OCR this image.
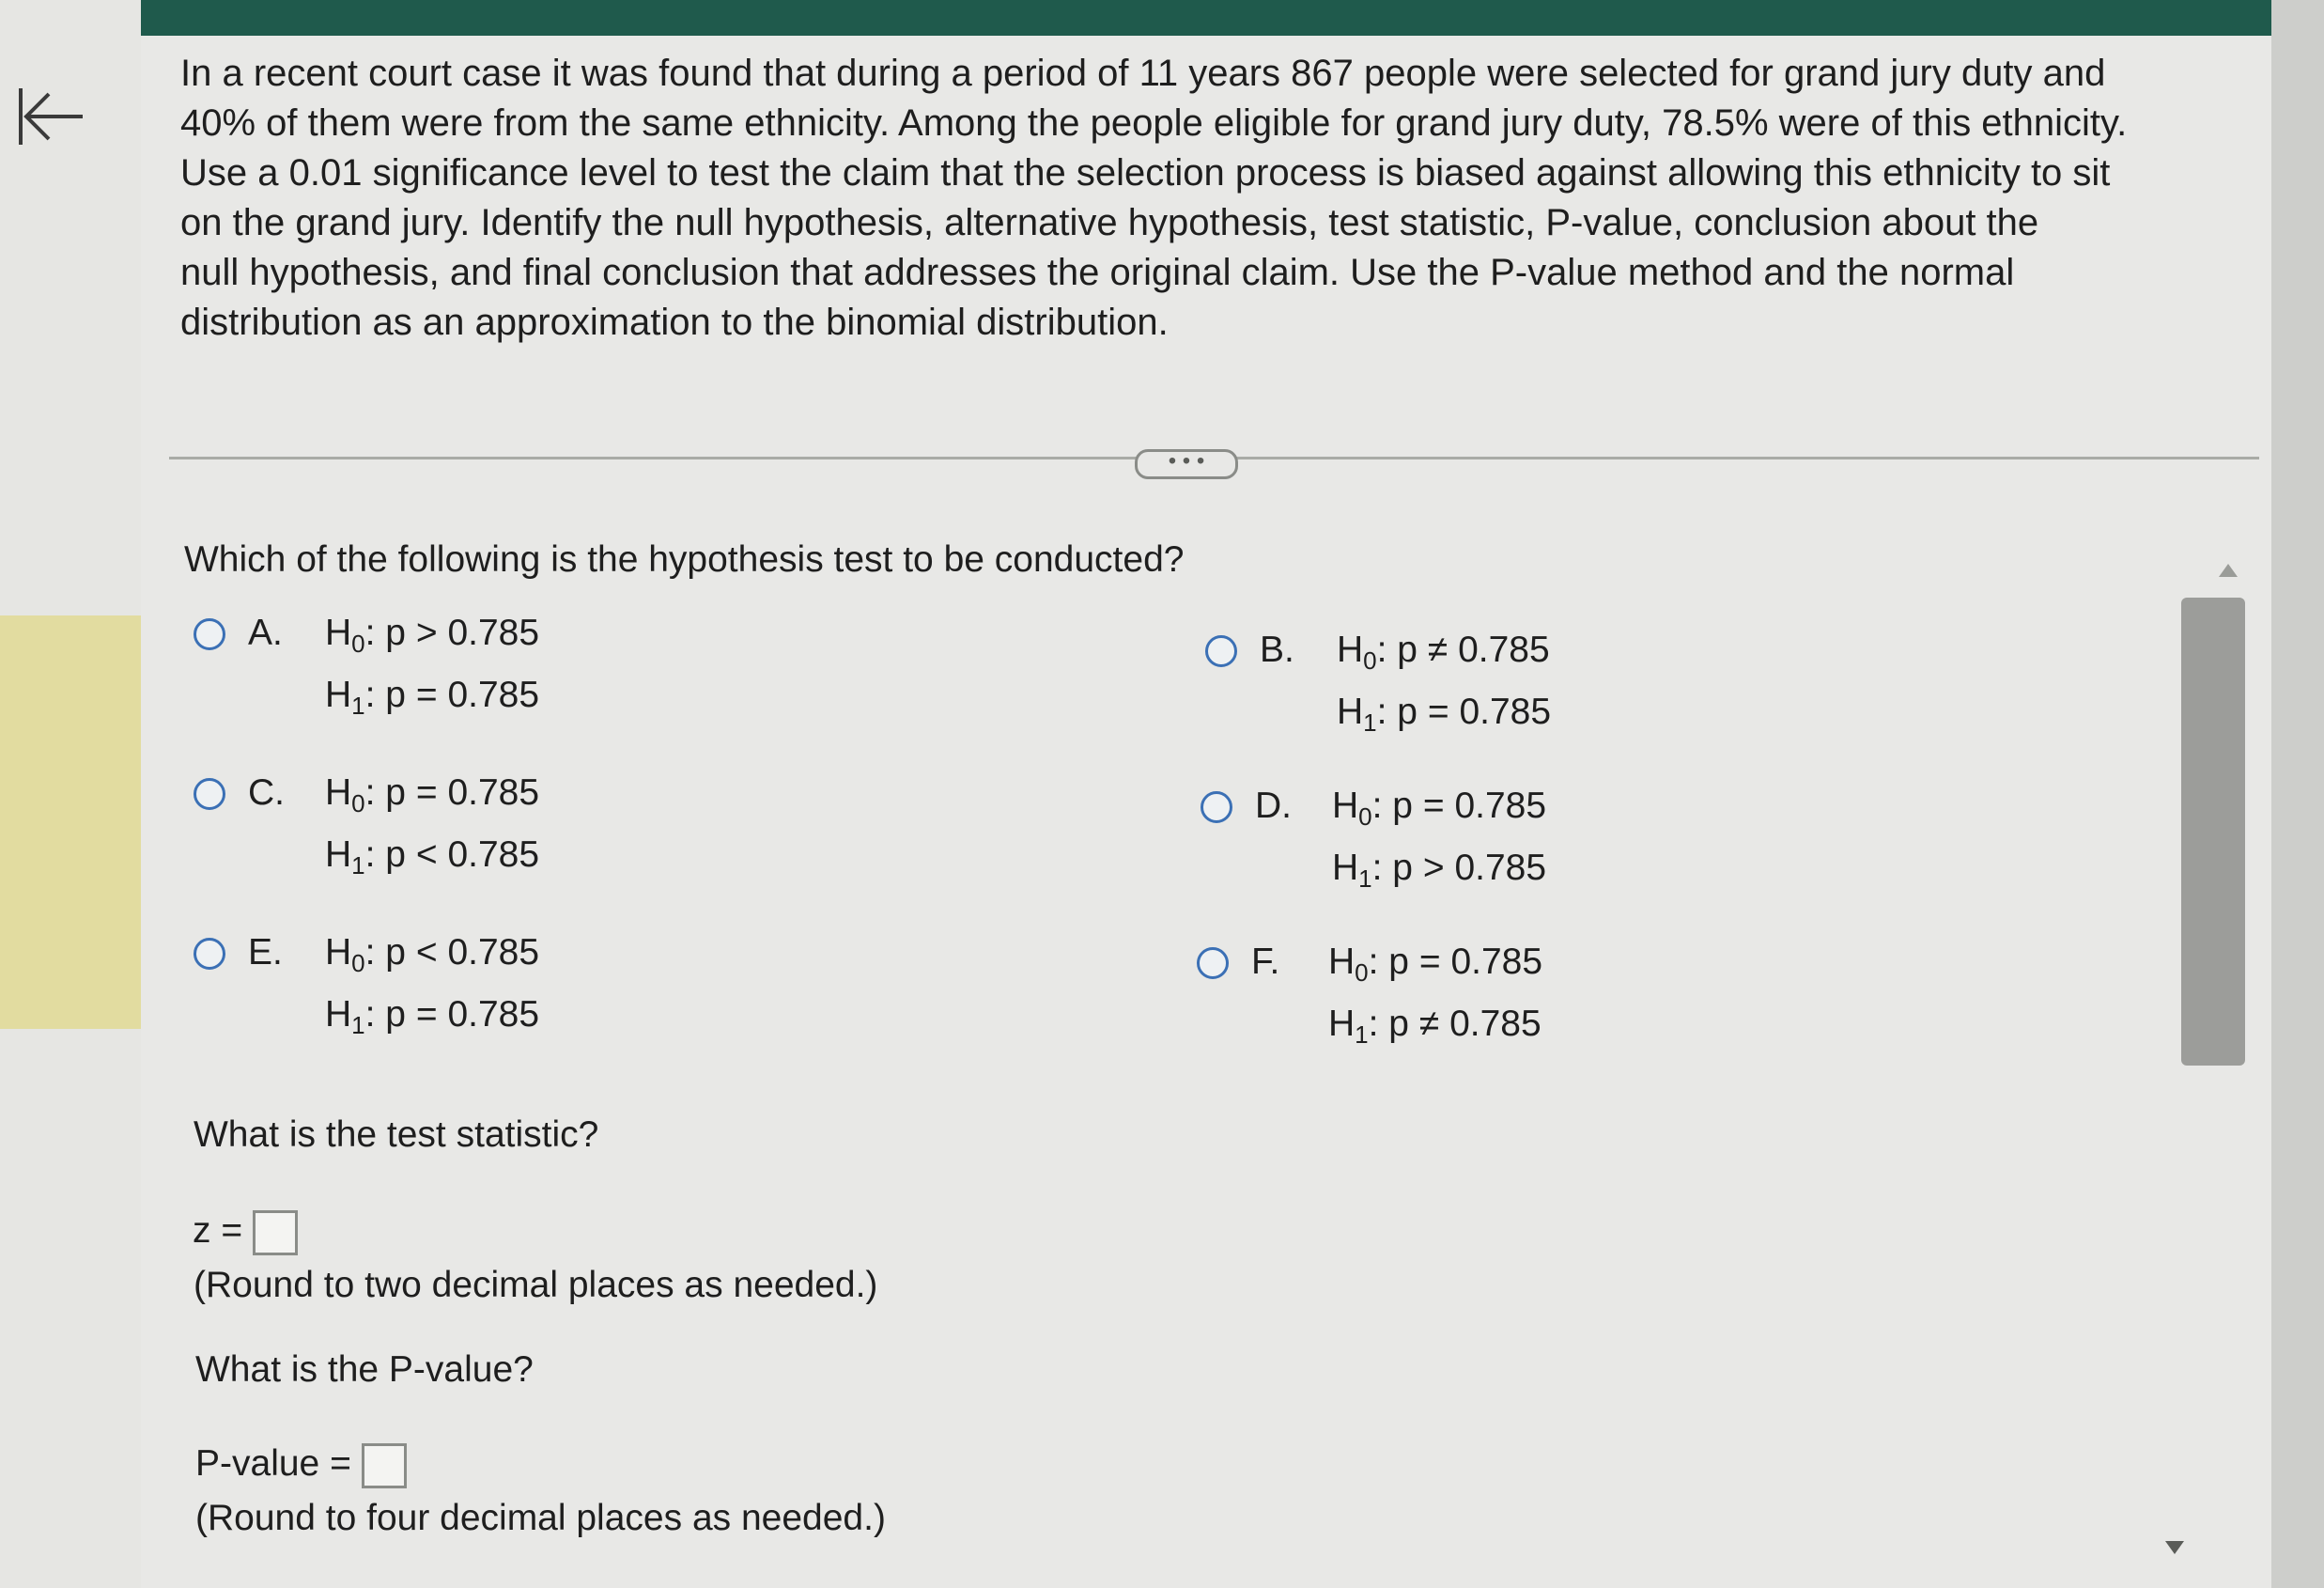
In a recent court case it was found that during a period of 11 years 867 people were selected for grand jury duty and
40% of them were from the same ethnicity. Among the people eligible for grand jury duty, 78.5% were of this ethnicity.
Use a 0.01 significance level to test the claim that the selection process is biased against allowing this ethnicity to sit
on the grand jury. Identify the null hypothesis, alternative hypothesis, test statistic, P-value, conclusion about the
null hypothesis, and final conclusion that addresses the original claim. Use the P-value method and the normal
distribution as an approximation to the binomial distribution.
• • •

Which of the following is the hypothesis test to be conducted?

A. $H_0$: p > 0.785
$H_1$: p = 0.785
B. $H_0$: p ≠ 0.785
$H_1$: p = 0.785
C. $H_0$: p = 0.785
$H_1$: p < 0.785
D. $H_0$: p = 0.785
$H_1$: p > 0.785
E. $H_0$: p < 0.785
$H_1$: p = 0.785
F. $H_0$: p = 0.785
$H_1$: p ≠ 0.785

What is the test statistic?

z =

(Round to two decimal places as needed.)

What is the P-value?

P-value =

(Round to four decimal places as needed.)
